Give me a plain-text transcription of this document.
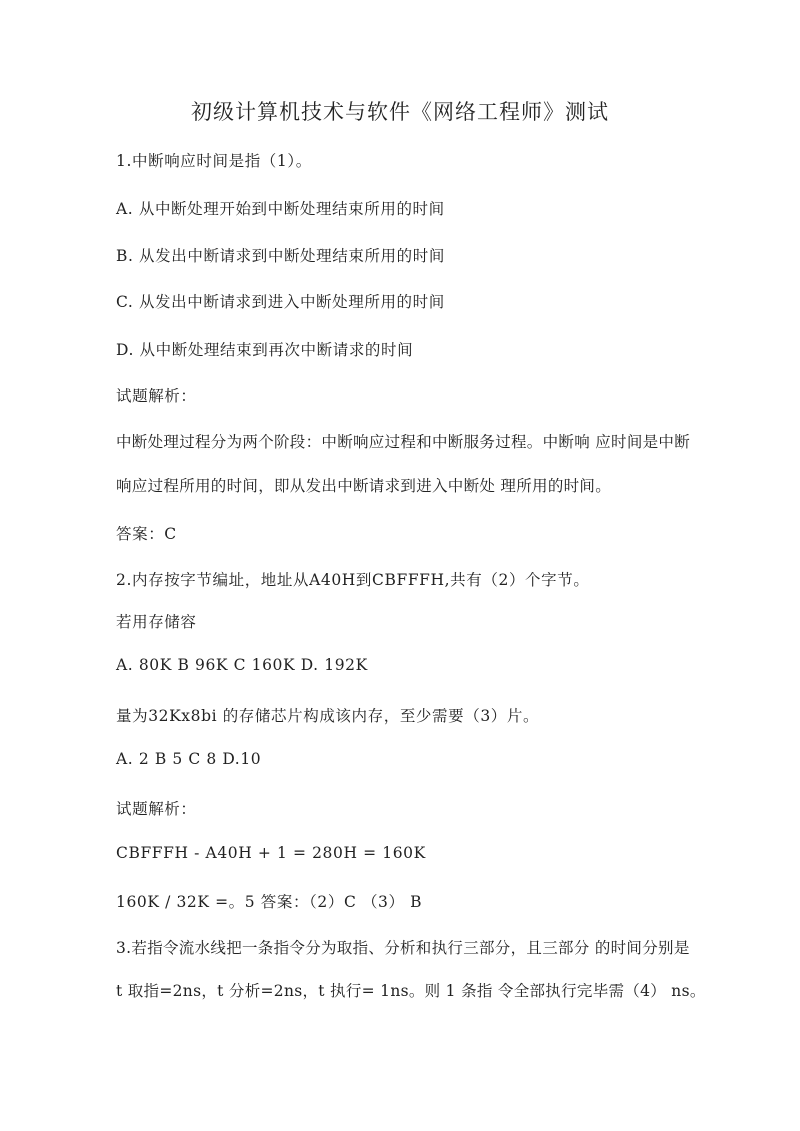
初级计算机技术与软件《网络工程师》测试
1.中断响应时间是指（1）。
A. 从中断处理开始到中断处理结束所用的时间
B. 从发出中断请求到中断处理结束所用的时间
C. 从发出中断请求到进入中断处理所用的时间
D. 从中断处理结束到再次中断请求的时间
试题解析：
中断处理过程分为两个阶段：中断响应过程和中断服务过程。中断响 应时间是中断
响应过程所用的时间，即从发出中断请求到进入中断处 理所用的时间。
答案：C
2.内存按字节编址，地址从A40H到CBFFFH,共有（2）个字节。
若用存储容
A. 80K B 96K C 160K D. 192K
量为32Kx8bi 的存储芯片构成该内存，至少需要（3）片。
A. 2 B 5 C 8 D.10
试题解析：
CBFFFH - A40H + 1 = 280H = 160K
160K / 32K =。5 答案：（2）C （3） B
3.若指令流水线把一条指令分为取指、分析和执行三部分，且三部分 的时间分别是
t 取指=2ns，t 分析=2ns，t 执行= 1ns。则 1 条指 令全部执行完毕需（4） ns。
